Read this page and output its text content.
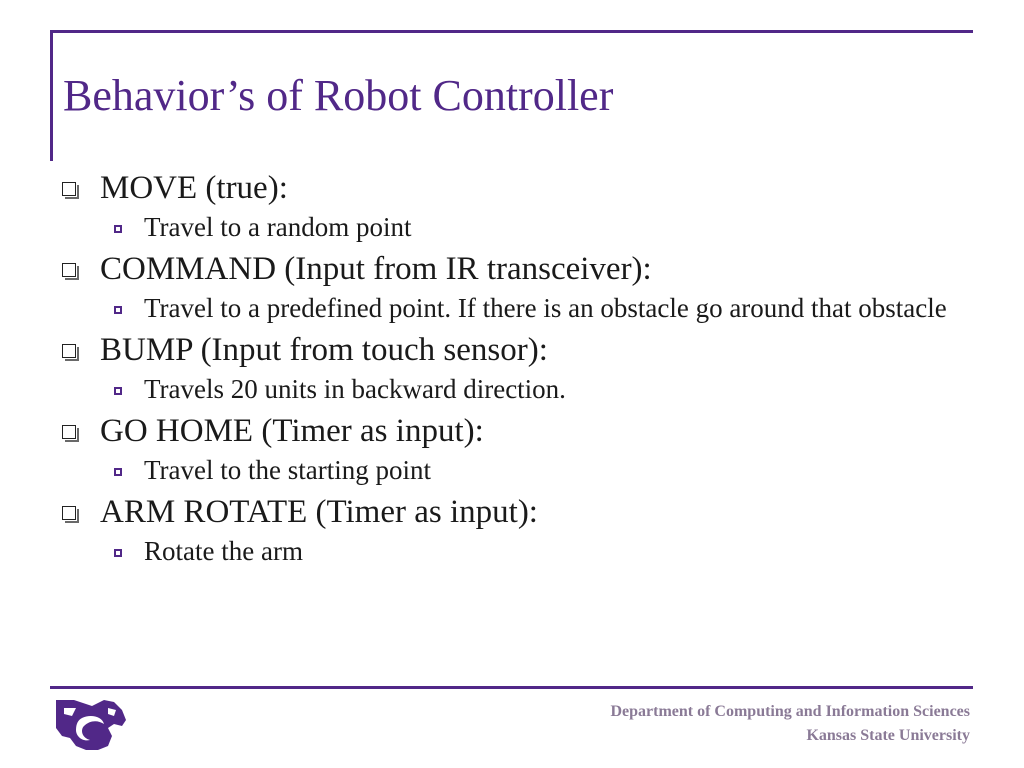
Behavior’s of Robot Controller
MOVE (true):
Travel to a random point
COMMAND (Input from IR transceiver):
Travel to a predefined point. If there is an obstacle go around that obstacle
BUMP (Input from touch sensor):
Travels 20 units in backward direction.
GO HOME (Timer as input):
Travel to the starting point
ARM ROTATE (Timer as input):
Rotate the arm
Department of Computing and Information Sciences
Kansas State University
